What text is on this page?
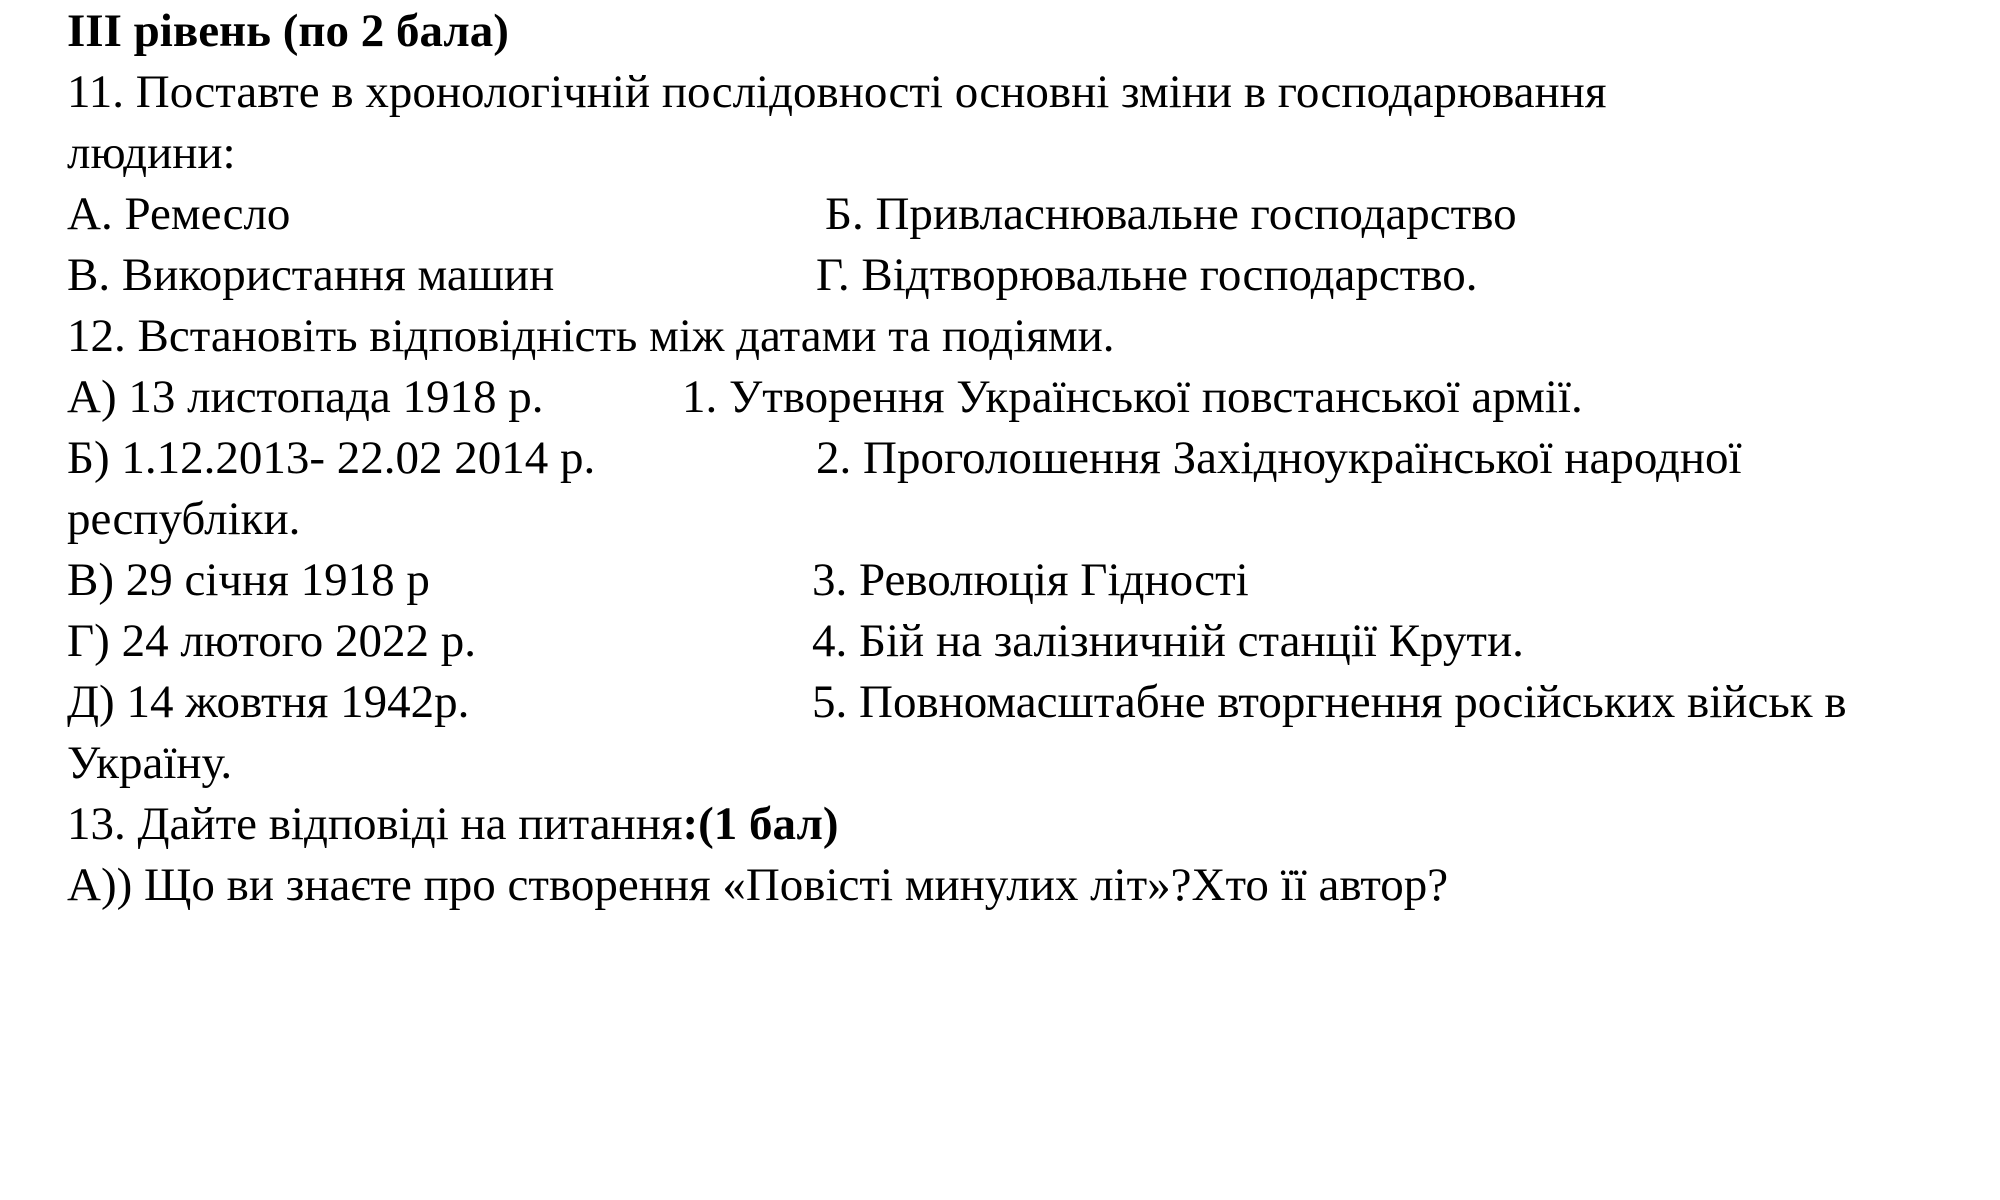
III рівень (по 2 бала)
11. Поставте в хронологічній послідовності основні зміни в господарювання
людини:
А. Ремесло	Б. Привласнювальне господарство
В. Використання машин	Г. Відтворювальне господарство.
12. Встановіть відповідність між датами та подіями.
А) 13 листопада 1918 р.	1. Утворення Української повстанської армії.
Б) 1.12.2013- 22.02 2014 р.	2. Проголошення Західноукраїнської народної
республіки.
В) 29 січня 1918 р	3. Революція Гідності
Г) 24 лютого 2022 р.	4. Бій на залізничній станції Крути.
Д) 14 жовтня 1942р.	5. Повномасштабне вторгнення російських військ в
Україну.
13. Дайте відповіді на питання:(1 бал)
А)) Що ви знаєте про створення «Повісті минулих літ»?Хто її автор?
